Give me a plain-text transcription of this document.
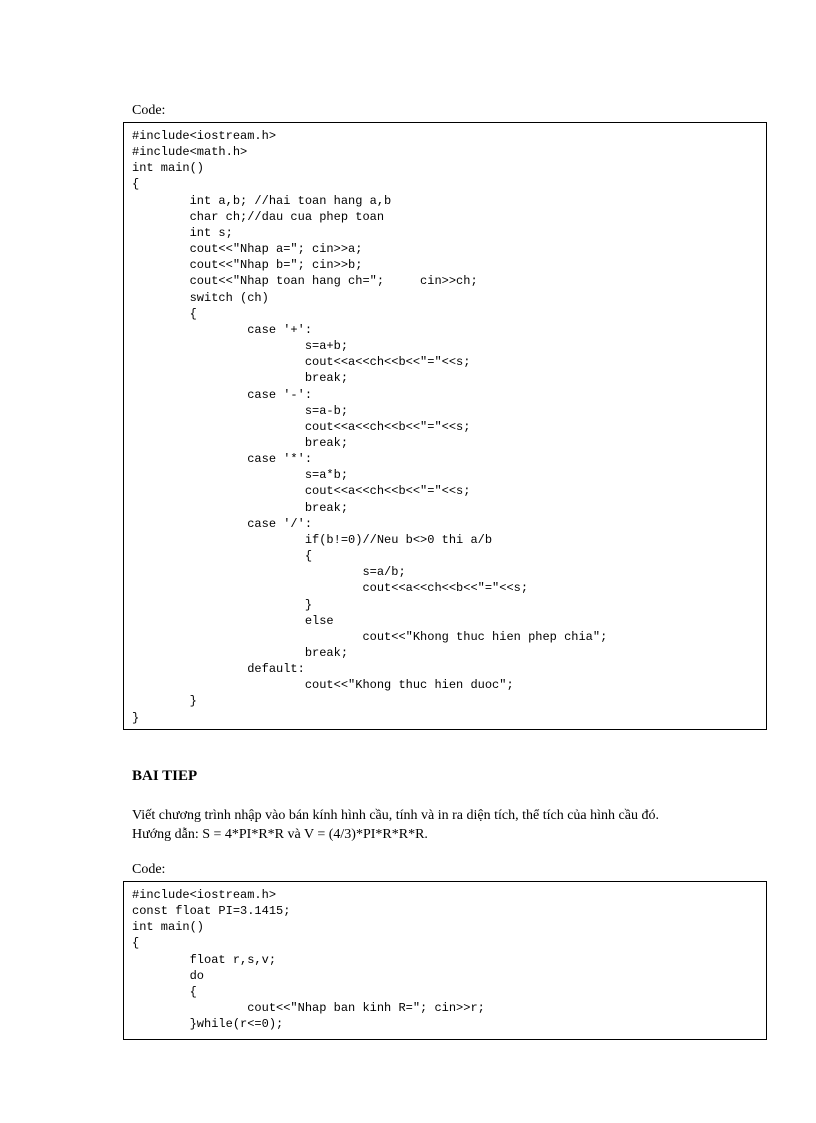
Code:
#include<iostream.h>
#include<math.h>
int main()
{
int a,b; //hai toan hang a,b
char ch;//dau cua phep toan
int s;
cout<<"Nhap a="; cin>>a;
cout<<"Nhap b="; cin>>b;
cout<<"Nhap toan hang ch=";     cin>>ch;
switch (ch)
{
case '+':
s=a+b;
cout<<a<<ch<<b<<"="<<s;
break;
case '-':
s=a-b;
cout<<a<<ch<<b<<"="<<s;
break;
case '*':
s=a*b;
cout<<a<<ch<<b<<"="<<s;
break;
case '/':
if(b!=0)//Neu b<>0 thi a/b
{
s=a/b;
cout<<a<<ch<<b<<"="<<s;
}
else
cout<<"Khong thuc hien phep chia";
break;
default:
cout<<"Khong thuc hien duoc";
}
}
BAI TIEP
Viết chương trình nhập vào bán kính hình cầu, tính và in ra diện tích, thể tích của hình cầu đó.
Hướng dẫn: S = 4*PI*R*R và V = (4/3)*PI*R*R*R.
Code:
#include<iostream.h>
const float PI=3.1415;
int main()
{
float r,s,v;
do
{
cout<<"Nhap ban kinh R="; cin>>r;
}while(r<=0);
